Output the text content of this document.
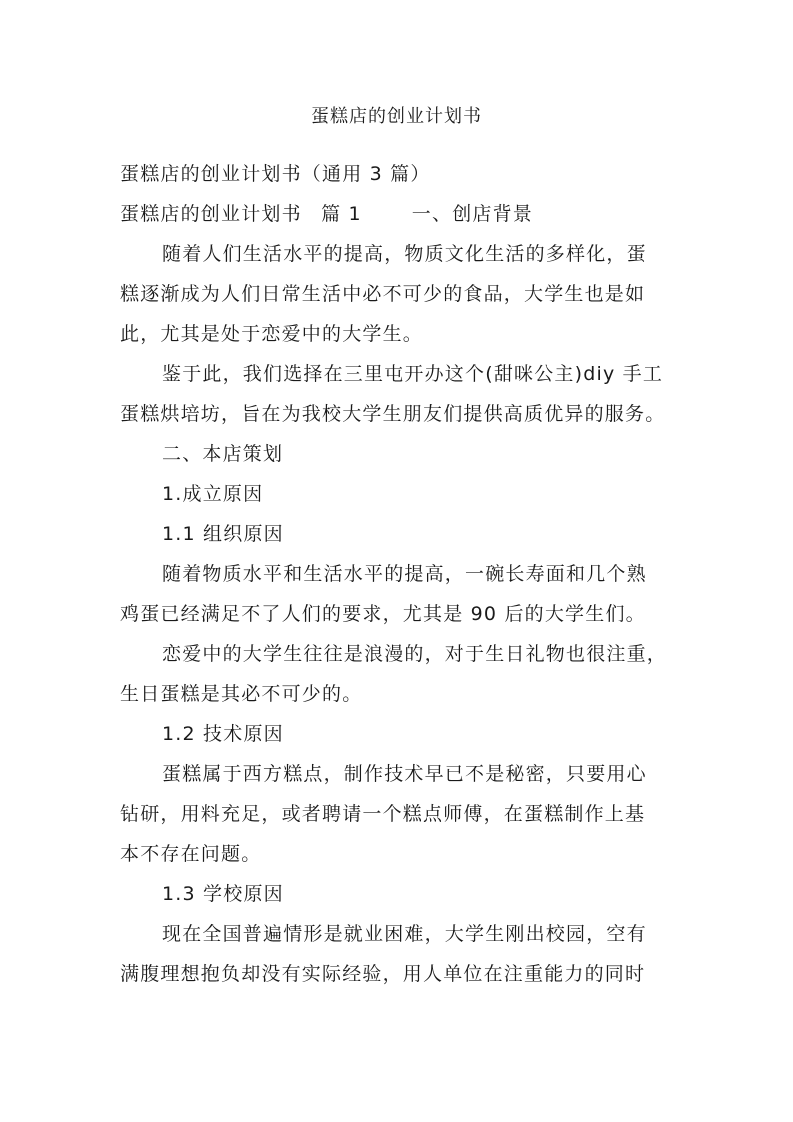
蛋糕店的创业计划书

蛋糕店的创业计划书（通用 3 篇）

蛋糕店的创业计划书 篇 1	一、创店背景

随着人们生活水平的提高，物质文化生活的多样化，蛋

糕逐渐成为人们日常生活中必不可少的食品，大学生也是如

此，尤其是处于恋爱中的大学生。

鉴于此，我们选择在三里屯开办这个(甜咪公主)diy 手工

蛋糕烘培坊，旨在为我校大学生朋友们提供高质优异的服务。

二、本店策划

1.成立原因

1.1 组织原因

随着物质水平和生活水平的提高，一碗长寿面和几个熟

鸡蛋已经满足不了人们的要求，尤其是 90 后的大学生们。

恋爱中的大学生往往是浪漫的，对于生日礼物也很注重，

生日蛋糕是其必不可少的。

1.2 技术原因

蛋糕属于西方糕点，制作技术早已不是秘密，只要用心

钻研，用料充足，或者聘请一个糕点师傅，在蛋糕制作上基

本不存在问题。

1.3 学校原因

现在全国普遍情形是就业困难，大学生刚出校园，空有

满腹理想抱负却没有实际经验，用人单位在注重能力的同时
